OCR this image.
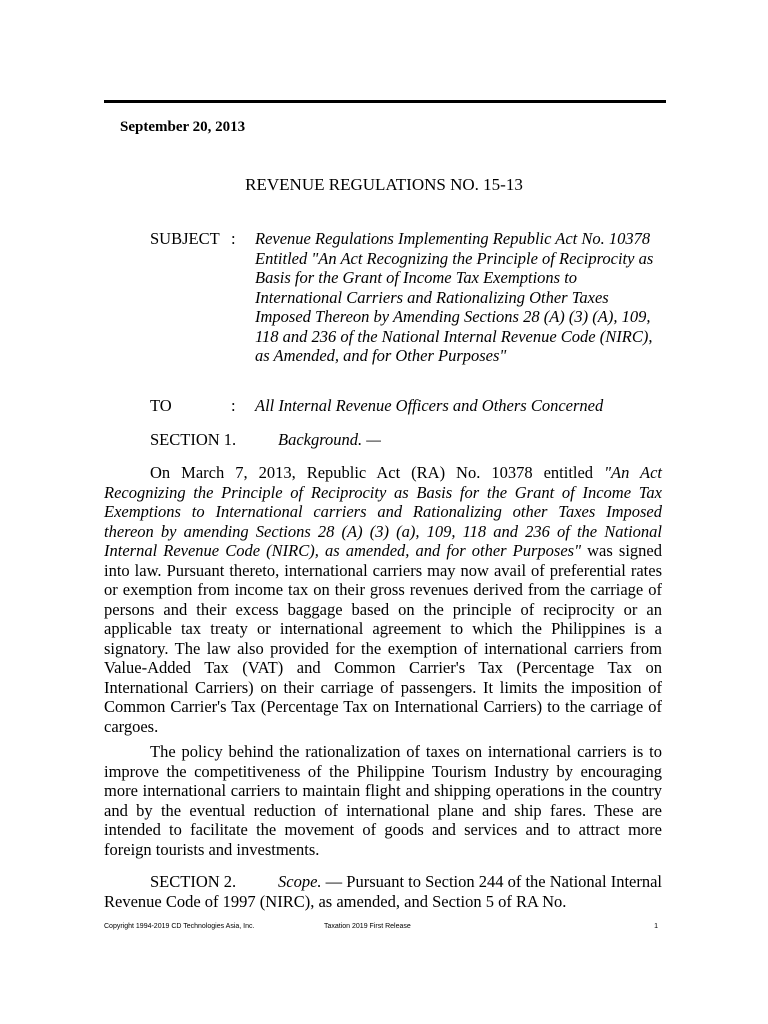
September 20, 2013

REVENUE REGULATIONS NO. 15-13
SUBJECT : Revenue Regulations Implementing Republic Act No. 10378 Entitled "An Act Recognizing the Principle of Reciprocity as Basis for the Grant of Income Tax Exemptions to International Carriers and Rationalizing Other Taxes Imposed Thereon by Amending Sections 28 (A) (3) (A), 109, 118 and 236 of the National Internal Revenue Code (NIRC), as Amended, and for Other Purposes"
TO	: All Internal Revenue Officers and Others Concerned
SECTION 1.	Background. —

On March 7, 2013, Republic Act (RA) No. 10378 entitled "An Act Recognizing the Principle of Reciprocity as Basis for the Grant of Income Tax Exemptions to International carriers and Rationalizing other Taxes Imposed thereon by amending Sections 28 (A) (3) (a), 109, 118 and 236 of the National Internal Revenue Code (NIRC), as amended, and for other Purposes" was signed into law. Pursuant thereto, international carriers may now avail of preferential rates or exemption from income tax on their gross revenues derived from the carriage of persons and their excess baggage based on the principle of reciprocity or an applicable tax treaty or international agreement to which the Philippines is a signatory. The law also provided for the exemption of international carriers from Value-Added Tax (VAT) and Common Carrier's Tax (Percentage Tax on International Carriers) on their carriage of passengers. It limits the imposition of Common Carrier's Tax (Percentage Tax on International Carriers) to the carriage of cargoes.

The policy behind the rationalization of taxes on international carriers is to improve the competitiveness of the Philippine Tourism Industry by encouraging more international carriers to maintain flight and shipping operations in the country and by the eventual reduction of international plane and ship fares. These are intended to facilitate the movement of goods and services and to attract more foreign tourists and investments.

SECTION 2.	Scope. — Pursuant to Section 244 of the National Internal Revenue Code of 1997 (NIRC), as amended, and Section 5 of RA No.

Copyright 1994-2019 CD Technologies Asia, Inc.	Taxation 2019 First Release	1
